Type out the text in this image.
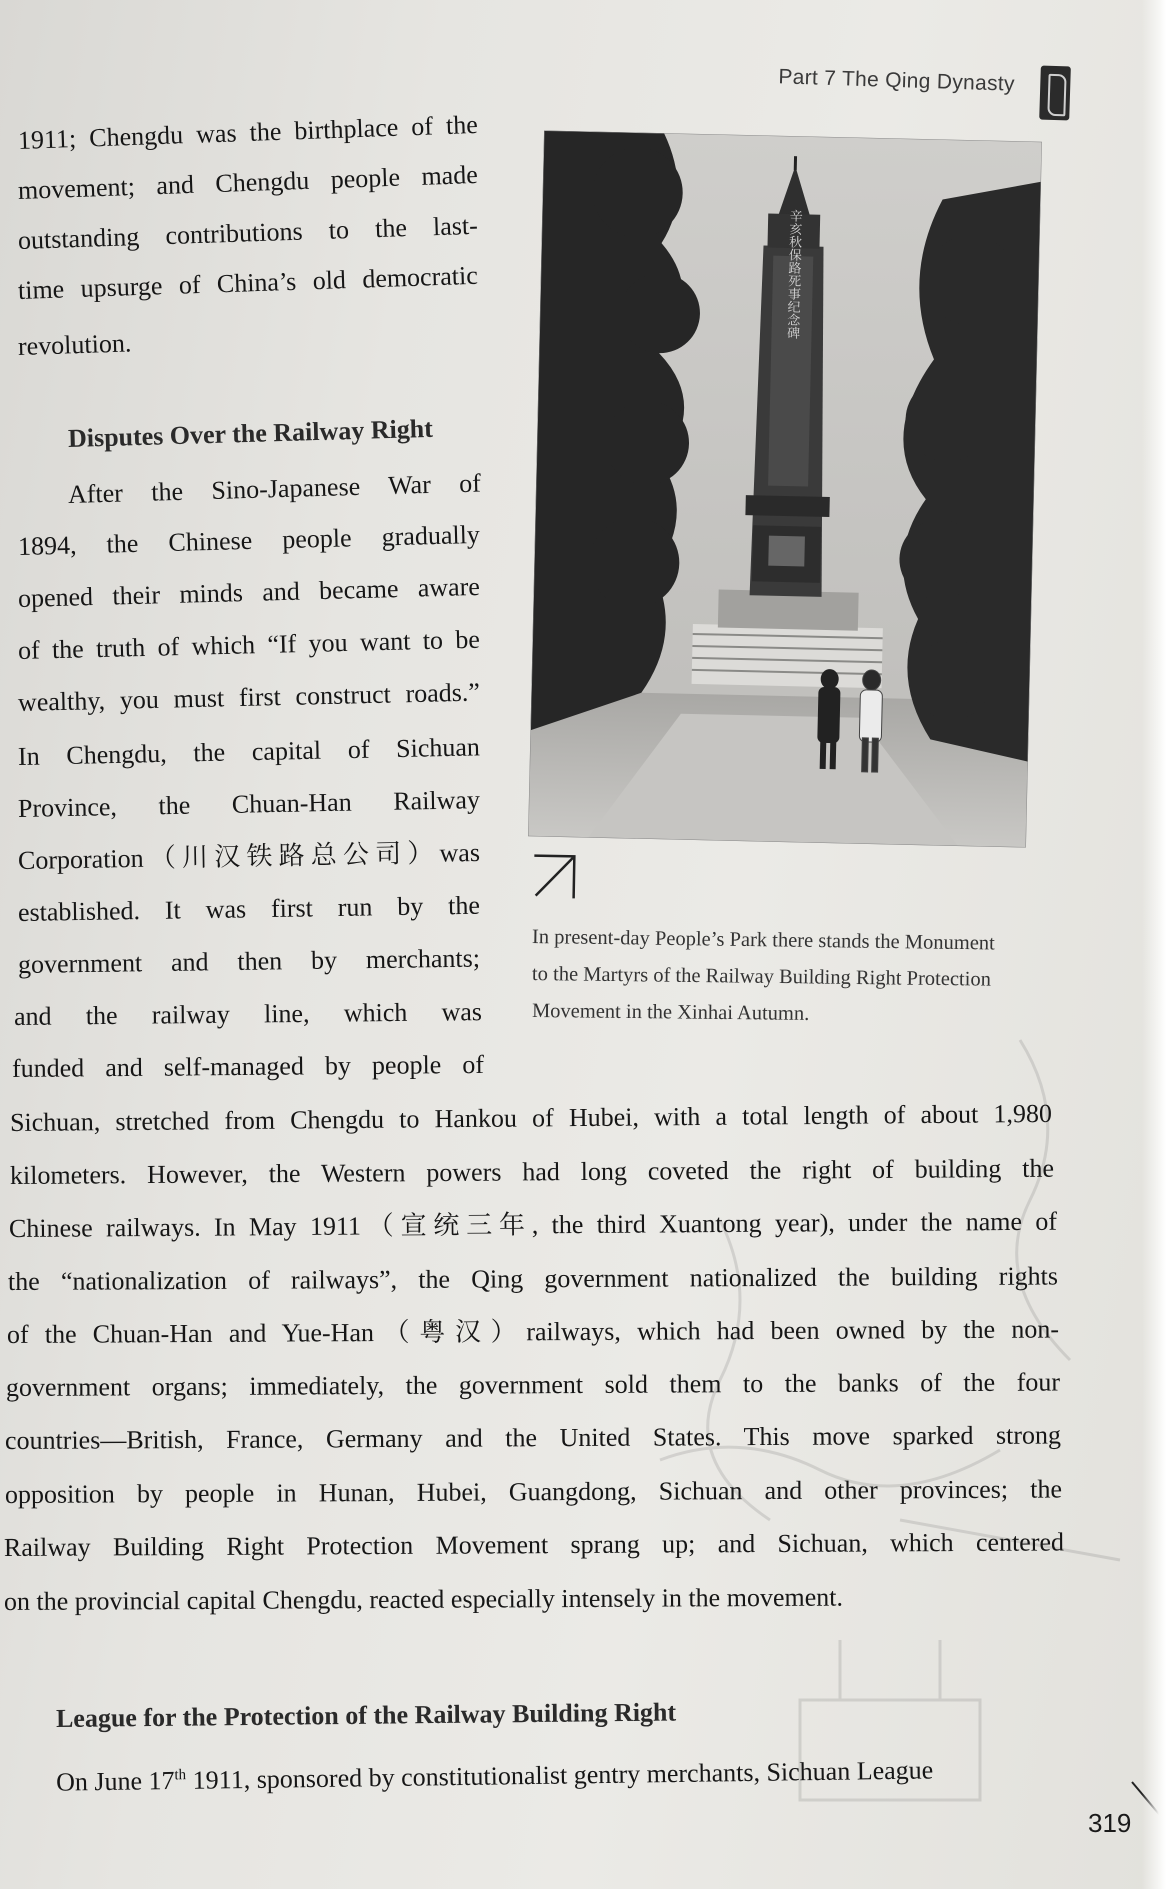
Part 7 The Qing Dynasty
1911; Chengdu was the birthplace of the
movement; and Chengdu people made
outstanding contributions to the last-
time upsurge of China’s old democratic
revolution.
Disputes Over the Railway Right
After the Sino-Japanese War of
1894, the Chinese people gradually
opened their minds and became aware
of the truth of which “If you want to be
wealthy, you must first construct roads.”
In Chengdu, the capital of Sichuan
Province, the Chuan-Han Railway
Corporation（川汉铁路总公司）was
established. It was first run by the
government and then by merchants;
and the railway line, which was
funded and self-managed by people of
Sichuan, stretched from Chengdu to Hankou of Hubei, with a total length of about 1,980
kilometers. However, the Western powers had long coveted the right of building the
Chinese railways. In May 1911（宣统三年, the third Xuantong year), under the name of
the “nationalization of railways”, the Qing government nationalized the building rights
of the Chuan-Han and Yue-Han（粤汉）railways, which had been owned by the non-
government organs; immediately, the government sold them to the banks of the four
countries—British, France, Germany and the United States. This move sparked strong
opposition by people in Hunan, Hubei, Guangdong, Sichuan and other provinces; the
Railway Building Right Protection Movement sprang up; and Sichuan, which centered
on the provincial capital Chengdu, reacted especially intensely in the movement.
League for the Protection of the Railway Building Right
On June 17th 1911, sponsored by constitutionalist gentry merchants, Sichuan League
辛亥秋保路死事纪念碑
In present-day People’s Park there stands the Monument
to the Martyrs of the Railway Building Right Protection
Movement in the Xinhai Autumn.
319
